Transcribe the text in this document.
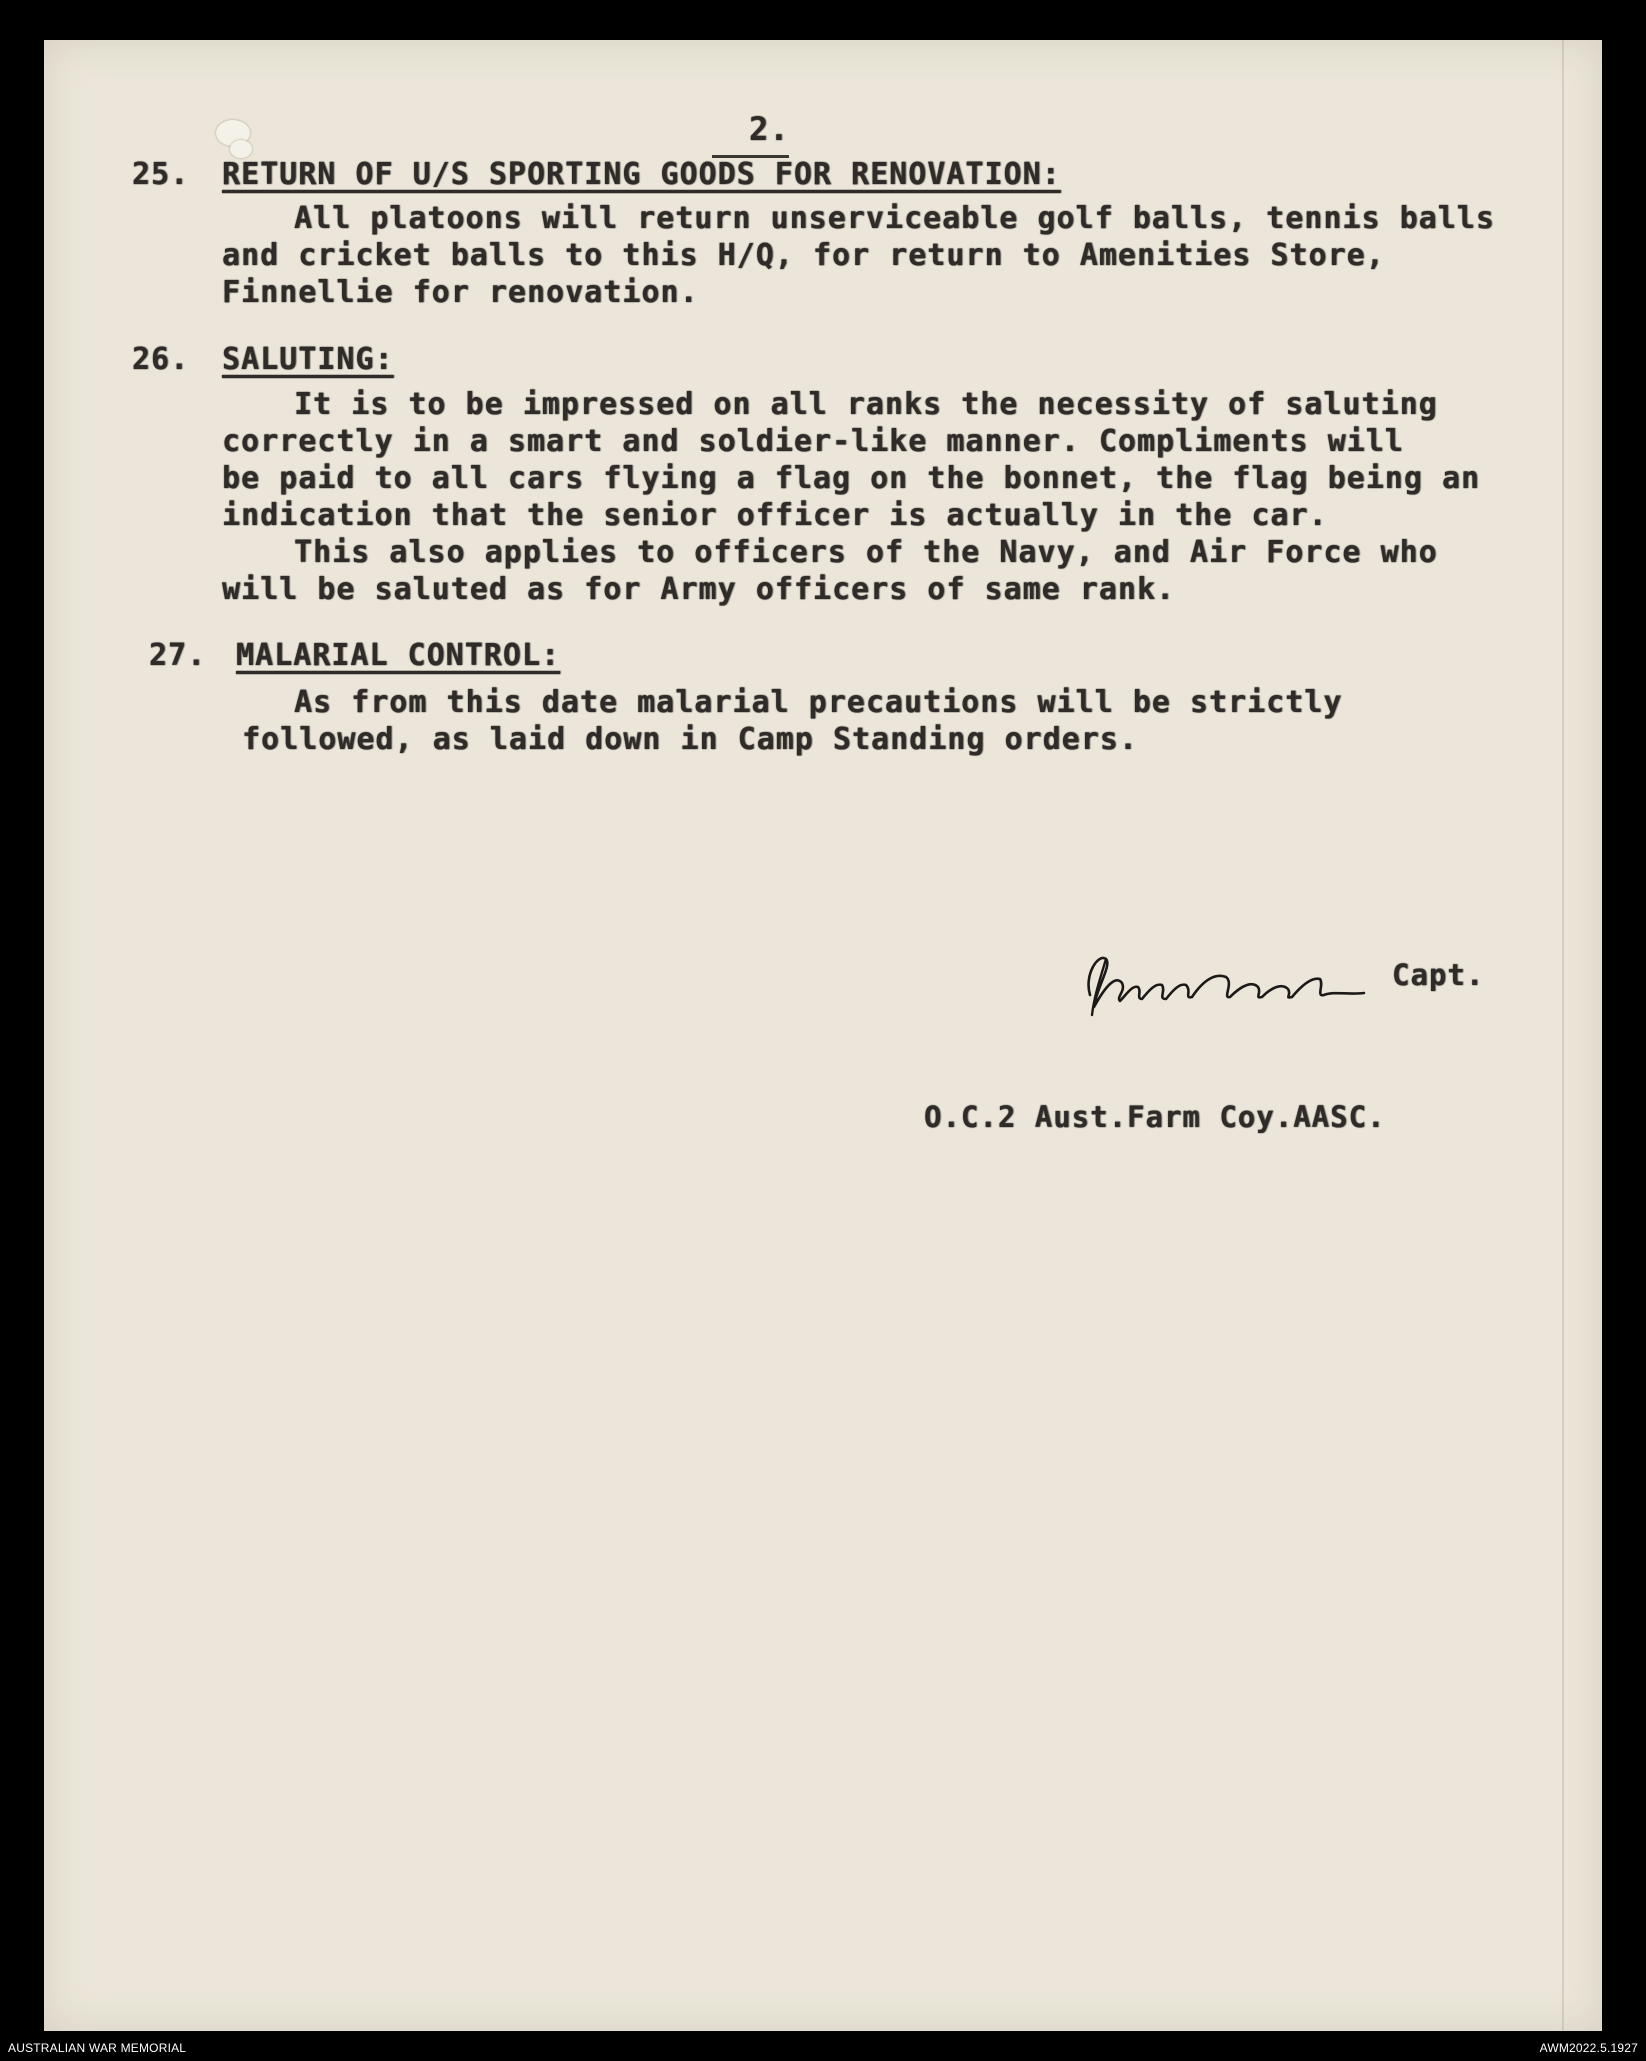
2.
25. RETURN OF U/S SPORTING GOODS FOR RENOVATION:
All platoons will return unserviceable golf balls, tennis balls
and cricket balls to this H/Q, for return to Amenities Store,
Finnellie for renovation.
26. SALUTING:
It is to be impressed on all ranks the necessity of saluting
correctly in a smart and soldier-like manner. Compliments will
be paid to all cars flying a flag on the bonnet, the flag being an
indication that the senior officer is actually in the car.
This also applies to officers of the Navy, and Air Force who
will be saluted as for Army officers of same rank.
27. MALARIAL CONTROL:
As from this date malarial precautions will be strictly
followed, as laid down in Camp Standing orders.
Capt.
O.C.2 Aust.Farm Coy.AASC.
AUSTRALIAN WAR MEMORIAL	AWM2022.5.1927
